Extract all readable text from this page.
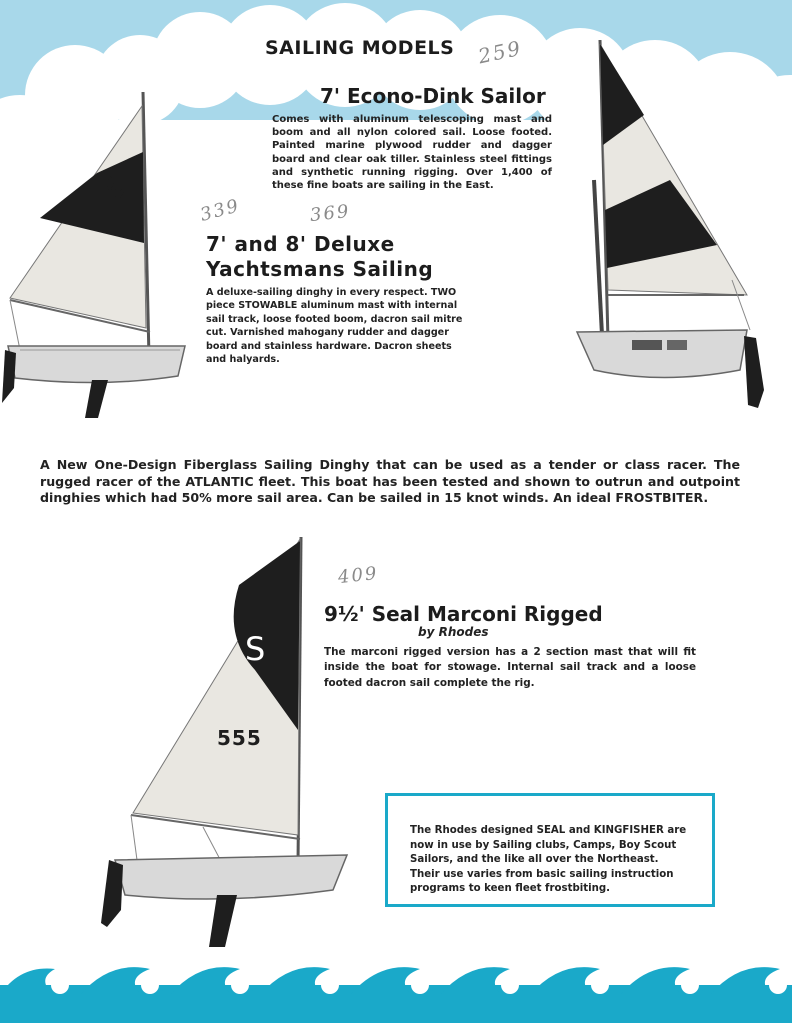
SAILING MODELS 259
D Y
7' Econo-Dink Sailor
Comes with aluminum telescoping mast and boom and all nylon colored sail. Loose footed. Painted marine plywood rudder and dagger board and clear oak tiller. Stainless steel fittings and synthetic running rigging. Over 1,400 of these fine boats are sailing in the East.
339	369
7' and 8' Deluxe
Yachtsmans Sailing
A deluxe-sailing dinghy in every respect. TWO piece STOWABLE aluminum mast with internal sail track, loose footed boom, dacron sail mitre cut. Varnished mahogany rudder and dagger board and stainless hardware. Dacron sheets and halyards.
A New One-Design Fiberglass Sailing Dinghy that can be used as a tender or class racer. The rugged racer of the ATLANTIC fleet. This boat has been tested and shown to outrun and outpoint dinghies which had 50% more sail area. Can be sailed in 15 knot winds. An ideal FROSTBITER.
S
555
409
9½' Seal Marconi Rigged
by Rhodes
The marconi rigged version has a 2 section mast that will fit inside the boat for stowage. Internal sail track and a loose footed dacron sail complete the rig.
The Rhodes designed SEAL and KINGFISHER are now in use by Sailing clubs, Camps, Boy Scout Sailors, and the like all over the Northeast. Their use varies from basic sailing instruction programs to keen fleet frostbiting.
